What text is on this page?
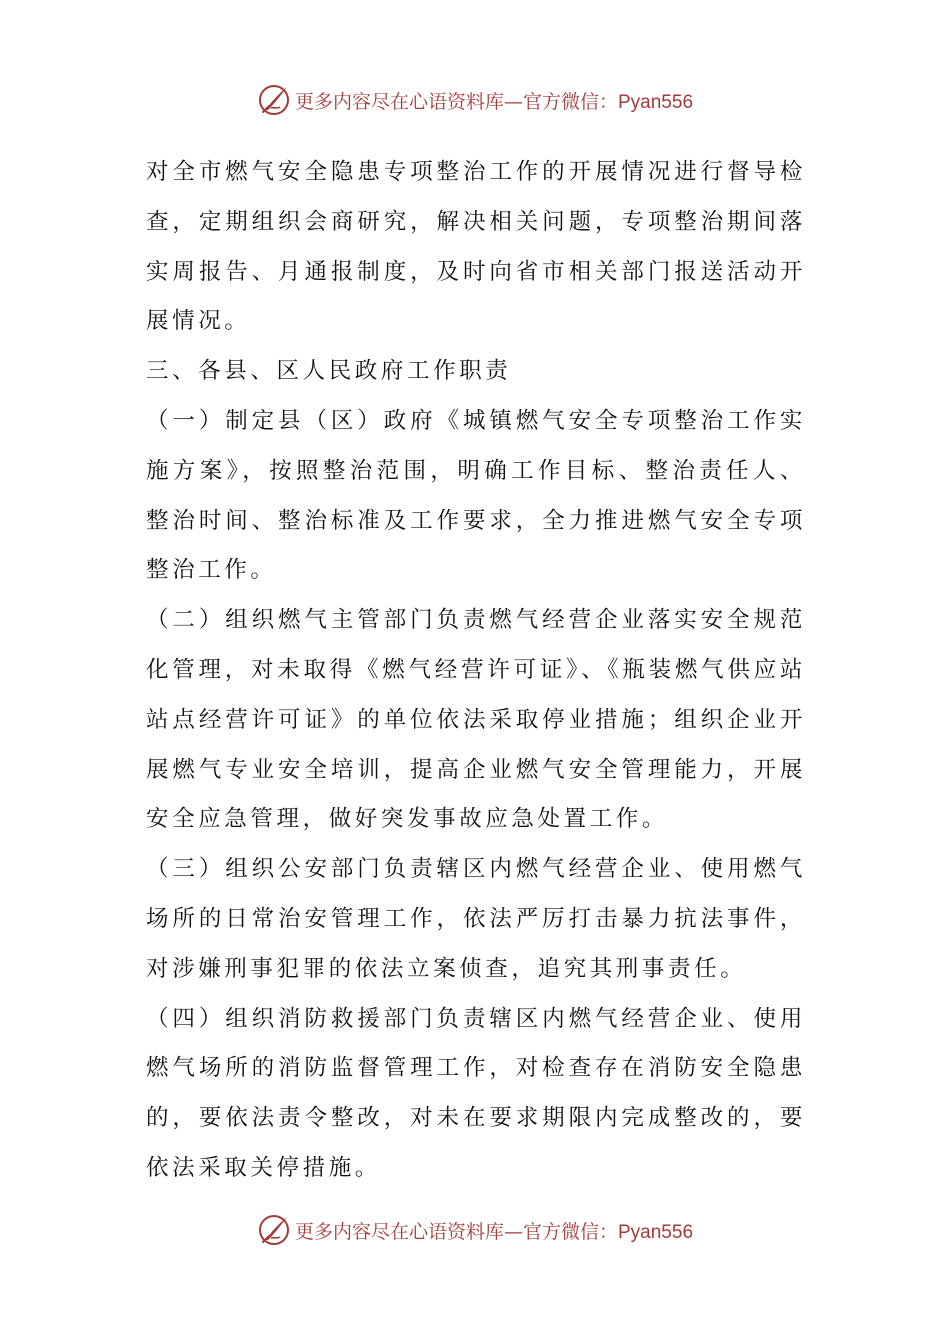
更多内容尽在心语资料库—官方微信：Pyan556

对全市燃气安全隐患专项整治工作的开展情况进行督导检查，定期组织会商研究，解决相关问题，专项整治期间落实周报告、月通报制度，及时向省市相关部门报送活动开展情况。

三、各县、区人民政府工作职责

（一）制定县（区）政府《城镇燃气安全专项整治工作实施方案》，按照整治范围，明确工作目标、整治责任人、整治时间、整治标准及工作要求，全力推进燃气安全专项整治工作。

（二）组织燃气主管部门负责燃气经营企业落实安全规范化管理，对未取得《燃气经营许可证》、《瓶装燃气供应站站点经营许可证》的单位依法采取停业措施；组织企业开展燃气专业安全培训，提高企业燃气安全管理能力，开展安全应急管理，做好突发事故应急处置工作。

（三）组织公安部门负责辖区内燃气经营企业、使用燃气场所的日常治安管理工作，依法严厉打击暴力抗法事件，对涉嫌刑事犯罪的依法立案侦查，追究其刑事责任。

（四）组织消防救援部门负责辖区内燃气经营企业、使用燃气场所的消防监督管理工作，对检查存在消防安全隐患的，要依法责令整改，对未在要求期限内完成整改的，要依法采取关停措施。

更多内容尽在心语资料库—官方微信：Pyan556
